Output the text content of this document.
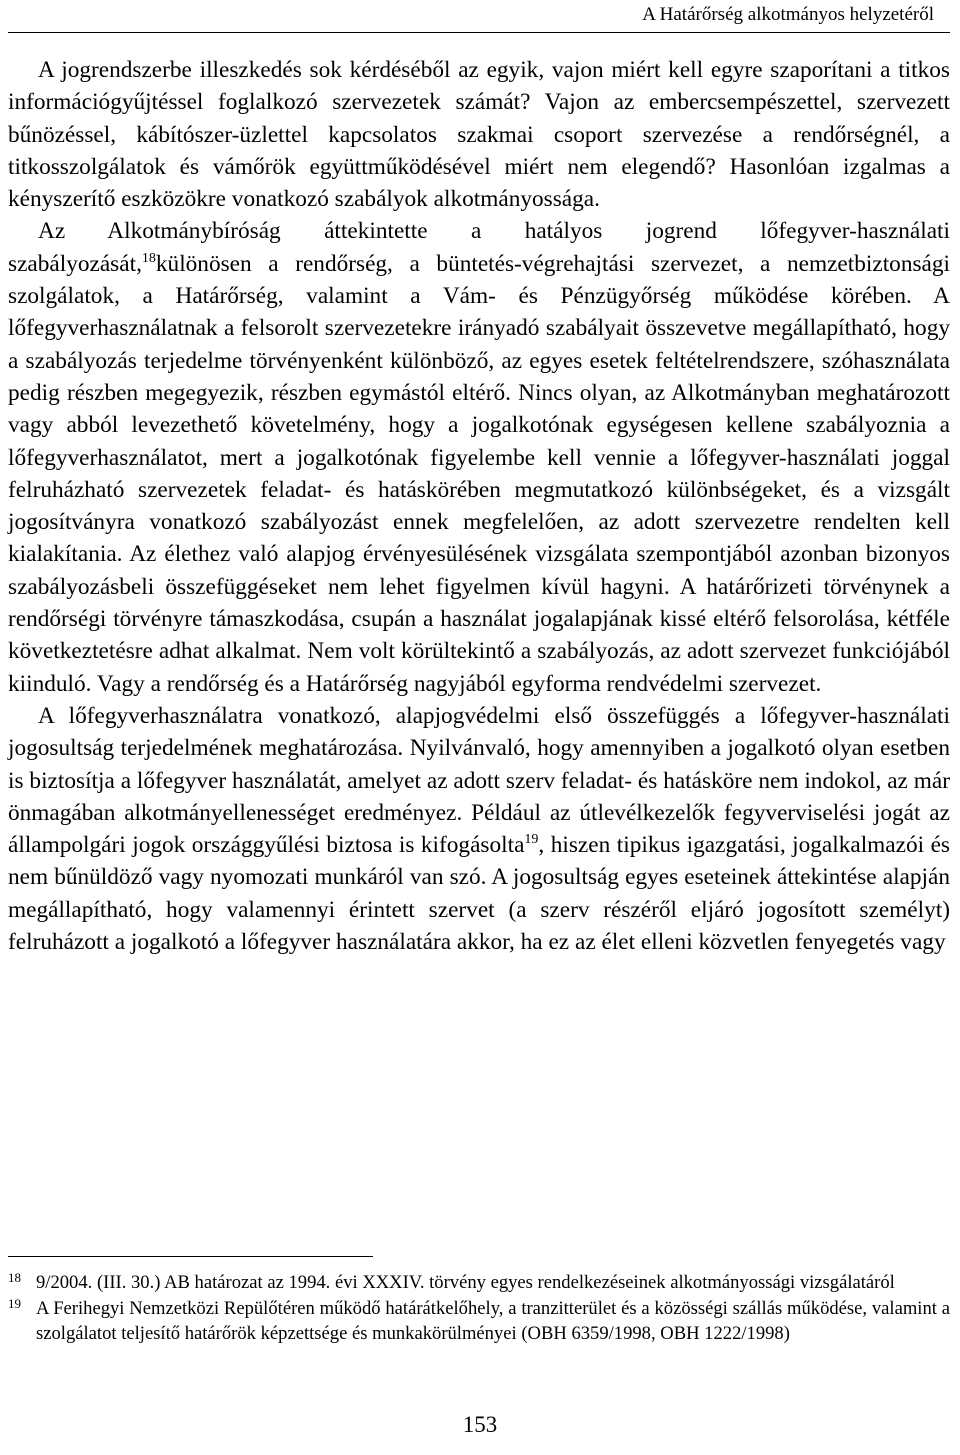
A Határőrség alkotmányos helyzetéről

A jogrendszerbe illeszkedés sok kérdéséből az egyik, vajon miért kell egyre szaporítani a titkos információgyűjtéssel foglalkozó szervezetek számát? Vajon az embercsempészettel, szervezett bűnözéssel, kábítószer-üzlettel kapcsolatos szakmai csoport szervezése a rendőrségnél, a titkosszolgálatok és vámőrök együttműködésével miért nem elegendő? Hasonlóan izgalmas a kényszerítő eszközökre vonatkozó szabályok alkotmányossága.

Az Alkotmánybíróság áttekintette a hatályos jogrend lőfegyver-használati szabályozását,$^{18}$különösen a rendőrség, a büntetés-végrehajtási szervezet, a nemzetbiztonsági szolgálatok, a Határőrség, valamint a Vám- és Pénzügyőrség működése körében. A lőfegyverhasználatnak a felsorolt szervezetekre irányadó szabályait összevetve megállapítható, hogy a szabályozás terjedelme törvényenként különböző, az egyes esetek feltételrendszere, szóhasználata pedig részben megegyezik, részben egymástól eltérő. Nincs olyan, az Alkotmányban meghatározott vagy abból levezethető követelmény, hogy a jogalkotónak egységesen kellene szabályoznia a lőfegyverhasználatot, mert a jogalkotónak figyelembe kell vennie a lőfegyver-használati joggal felruházható szervezetek feladat- és hatáskörében megmutatkozó különbségeket, és a vizsgált jogosítványra vonatkozó szabályozást ennek megfelelően, az adott szervezetre rendelten kell kialakítania. Az élethez való alapjog érvényesülésének vizsgálata szempontjából azonban bizonyos szabályozásbeli összefüggéseket nem lehet figyelmen kívül hagyni. A határőrizeti törvénynek a rendőrségi törvényre támaszkodása, csupán a használat jogalapjának kissé eltérő felsorolása, kétféle következtetésre adhat alkalmat. Nem volt körültekintő a szabályozás, az adott szervezet funkciójából kiinduló. Vagy a rendőrség és a Határőrség nagyjából egyforma rendvédelmi szervezet.

A lőfegyverhasználatra vonatkozó, alapjogvédelmi első összefüggés a lőfegyver-használati jogosultság terjedelmének meghatározása. Nyilvánvaló, hogy amennyiben a jogalkotó olyan esetben is biztosítja a lőfegyver használatát, amelyet az adott szerv feladat- és hatásköre nem indokol, az már önmagában alkotmányellenességet eredményez. Például az útlevélkezelők fegyverviselési jogát az állampolgári jogok országgyűlési biztosa is kifogásolta$^{19}$, hiszen tipikus igazgatási, jogalkalmazói és nem bűnüldöző vagy nyomozati munkáról van szó. A jogosultság egyes eseteinek áttekintése alapján megállapítható, hogy valamennyi érintett szervet (a szerv részéről eljáró jogosított személyt) felruházott a jogalkotó a lőfegyver használatára akkor, ha ez az élet elleni közvetlen fenyegetés vagy

18 9/2004. (III. 30.) AB határozat az 1994. évi XXXIV. törvény egyes rendelkezéseinek alkotmányossági vizsgálatáról

19 A Ferihegyi Nemzetközi Repülőtéren működő határátkelőhely, a tranzitterület és a közösségi szállás működése, valamint a szolgálatot teljesítő határőrök képzettsége és munkakörülményei (OBH 6359/1998, OBH 1222/1998)

153
